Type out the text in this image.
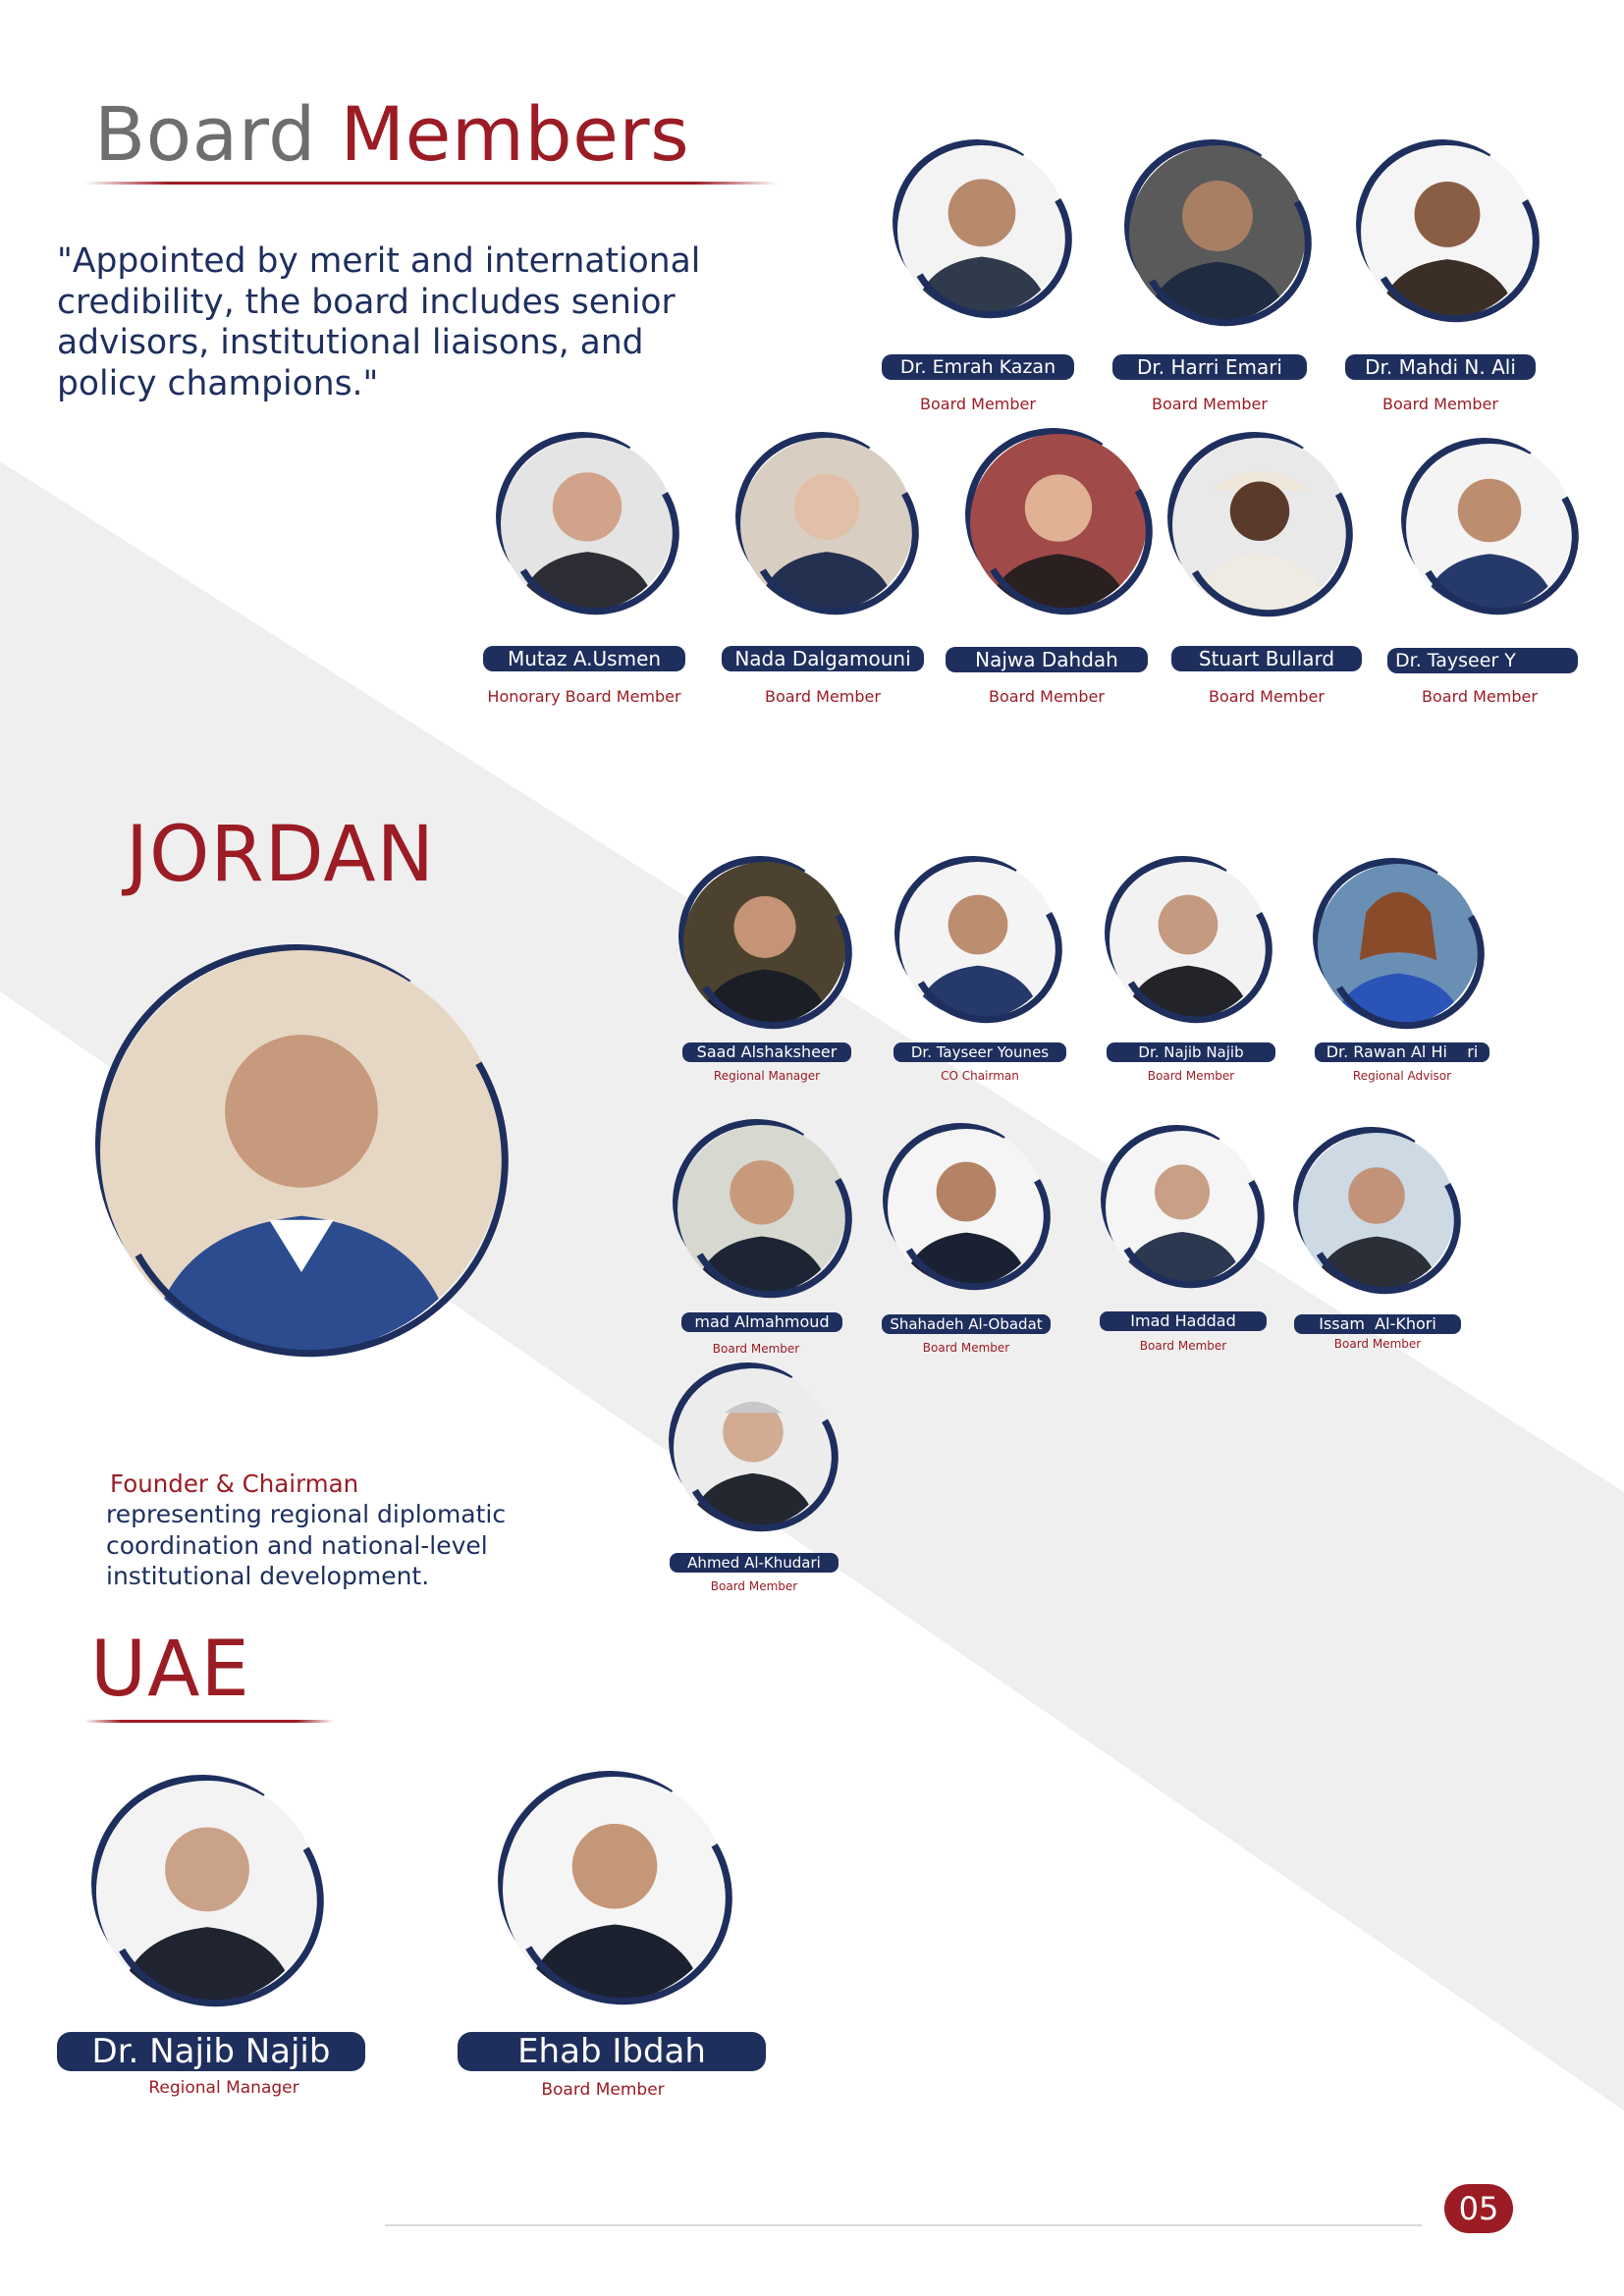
Board Members

"Appointed by merit and international credibility, the board includes senior advisors, institutional liaisons, and policy champions."

JORDAN
UAE

Founder & Chairman

representing regional diplomatic coordination and national-level institutional development.

Dr. Emrah Kazan
Board Member
Dr. Harri Emari
Board Member
Dr. Mahdi N. Ali
Board Member
Mutaz A.Usmen
Honorary Board Member
Nada Dalgamouni
Board Member
Najwa Dahdah
Board Member
Stuart Bullard
Board Member
Dr. Tayseer Y
Board Member
Saad Alshaksheer
Regional Manager
Dr. Tayseer Younes
CO Chairman
Dr. Najib Najib
Board Member
Dr. Rawan Al Hi    ri
Regional Advisor
mad Almahmoud
Board Member
Shahadeh Al-Obadat
Board Member
Imad Haddad
Board Member
Issam  Al-Khori
Board Member
Ahmed Al-Khudari
Board Member
Dr. Najib Najib
Regional Manager
Ehab Ibdah
Board Member
05
